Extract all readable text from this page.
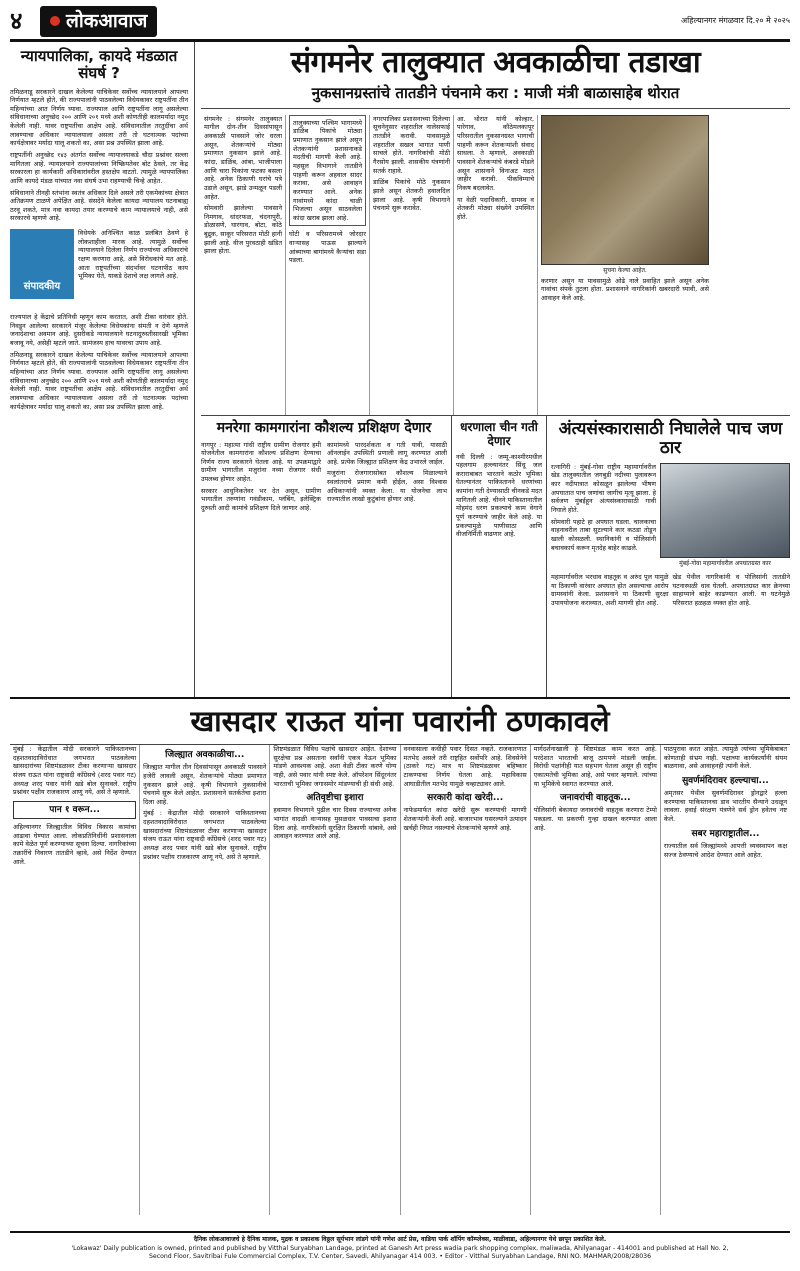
४	लोकआवाज	अहिल्यानगर मंगळवार दि.२० मे २०२५
न्यायपालिका, कायदे मंडळात संघर्ष ?

तमिळनाडू सरकारने दाखल केलेल्या याचिकेवर सर्वोच्च न्यायालयाने आपल्या निर्णयात म्हटले होते, की राज्यपालांनी पाठवलेल्या विधेयकावर राष्ट्रपतींना तीन महिन्यांच्या आत निर्णय घ्यावा. राज्यपाल आणि राष्ट्रपतींना लागू असलेल्या संविधानाच्या अनुच्छेद २०० आणि २०१ मध्ये अशी कोणतीही कालमर्यादा नमूद केलेली नाही. यावर राष्ट्रपतींचा आक्षेप आहे. संविधानातील तरतुदींचा अर्थ लावण्याचा अधिकार न्यायालयाला असला तरी तो घटनात्मक पदांच्या कार्यक्षेत्रावर मर्यादा घालू शकतो का, असा प्रश्न उपस्थित झाला आहे.

राष्ट्रपतींनी अनुच्छेद १४३ अंतर्गत सर्वोच्च न्यायालयाकडे चौदा प्रश्नांवर सल्ला मागितला आहे. न्यायालयाने राज्यपालांच्या निष्क्रियतेवर बोट ठेवले, तर केंद्र सरकारला हा कार्यकारी अधिकारांवरील हस्तक्षेप वाटतो. त्यामुळे न्यायपालिका आणि कायदे मंडळ यांच्यात नवा संघर्ष उभा राहण्याची चिन्हे आहेत.

संविधानाने तीनही स्तंभांना स्वतंत्र अधिकार दिले असले तरी एकमेकांच्या क्षेत्रात अतिक्रमण टाळणे अपेक्षित आहे. संसदेने केलेला कायदा न्यायालय घटनाबाह्य ठरवू शकते, मात्र नवा कायदा तयार करण्याचे काम न्यायालयाचे नाही, असे सरकारचे म्हणणे आहे.

संपादकीय

विधेयके अनिश्चित काळ प्रलंबित ठेवणे हे लोकशाहीला मारक आहे. त्यामुळे सर्वोच्च न्यायालयाने दिलेला निर्णय राज्यांच्या अधिकारांचे रक्षण करणारा आहे, असे विरोधकांचे मत आहे. आता राष्ट्रपतींच्या संदर्भावर घटनापीठ काय भूमिका घेते, याकडे देशाचे लक्ष लागले आहे.

राज्यपाल हे केंद्राचे प्रतिनिधी म्हणून काम करतात, अशी टीका वारंवार होते. निवडून आलेल्या सरकारने मंजूर केलेल्या विधेयकांना संमती न देणे म्हणजे जनादेशाचा अवमान आहे. दुसरीकडे न्यायालयाने घटनादुरुस्तीसारखी भूमिका बजावू नये, असेही म्हटले जाते. सामंजस्य हाच यावरचा उपाय आहे.

तमिळनाडू सरकारने दाखल केलेल्या याचिकेवर सर्वोच्च न्यायालयाने आपल्या निर्णयात म्हटले होते, की राज्यपालांनी पाठवलेल्या विधेयकावर राष्ट्रपतींना तीन महिन्यांच्या आत निर्णय घ्यावा. राज्यपाल आणि राष्ट्रपतींना लागू असलेल्या संविधानाच्या अनुच्छेद २०० आणि २०१ मध्ये अशी कोणतीही कालमर्यादा नमूद केलेली नाही. यावर राष्ट्रपतींचा आक्षेप आहे. संविधानातील तरतुदींचा अर्थ लावण्याचा अधिकार न्यायालयाला असला तरी तो घटनात्मक पदांच्या कार्यक्षेत्रावर मर्यादा घालू शकतो का, असा प्रश्न उपस्थित झाला आहे.

संगमनेर तालुक्यात अवकाळीचा तडाखा
नुकसानग्रस्तांचे तातडीने पंचनामे करा : माजी मंत्री बाळासाहेब थोरात

संगमनेर : संगमनेर तालुक्यात मागील दोन-तीन दिवसांपासून अवकाळी पावसाने जोर धरला असून, शेतकऱ्यांचे मोठ्या प्रमाणात नुकसान झाले आहे. कांदा, डाळिंब, आंबा, भाजीपाला आणि चारा पिकांना फटका बसला आहे. अनेक ठिकाणी घरांचे पत्रे उडाले असून, झाडे उन्मळून पडली आहेत.

सोमवारी झालेल्या पावसाने निमगाव, धांदरफळ, चंदनापुरी, डोळासणे, घारगाव, बोटा, कोठे बुद्रुक, साकूर परिसरात मोठी हानी झाली आहे. वीज पुरवठाही खंडित झाला होता.

तालुक्याच्या पश्चिम भागामध्ये डाळिंब पिकांचे मोठ्या प्रमाणात नुकसान झाले असून शेतकऱ्यांनी प्रशासनाकडे मदतीची मागणी केली आहे. महसूल विभागाने तातडीने पाहणी करून अहवाल सादर करावा, असे आवाहन करण्यात आले. अनेक गावांमध्ये कांदा चाळी भिजल्या असून साठवलेला कांदा खराब झाला आहे.

घोटी व परिसरामध्ये जोरदार वाऱ्यासह पाऊस झाल्याने आंब्याच्या बागांमध्ये कैऱ्यांचा सडा पडला.

नगरपालिका प्रशासनाच्या दिलेल्या सूचनेनुसार शहरातील नालेसफाई तातडीने करावी. पावसामुळे शहरातील सखल भागात पाणी साचले होते. नागरिकांची मोठी गैरसोय झाली. शासकीय यंत्रणांनी सतर्क राहावे.

डाळिंब पिकांचे मोठे नुकसान झाले असून शेतकरी हवालदिल झाला आहे. कृषी विभागाने पंचनामे सुरू करावेत.

आ. थोरात यांनी कोल्हार, पारेगाव, कौठेमलकापूर परिसरातील नुकसानग्रस्त भागाची पाहणी करून शेतकऱ्यांशी संवाद साधला. ते म्हणाले, अवकाळी पावसाने शेतकऱ्यांचे कंबरडे मोडले असून शासनाने विनाअट मदत जाहीर करावी. पीकविम्याचे निकष बदलावेत.

या वेळी पदाधिकारी, ग्रामस्थ व शेतकरी मोठ्या संख्येने उपस्थित होते.

सुचना केल्या आहेत.

करणार असून या पावसामुळे ओढे नाले प्रवाहित झाले असून अनेक गावांचा संपर्क तुटला होता. प्रशासनाने नागरिकांनी खबरदारी घ्यावी, असे आवाहन केले आहे.

मनरेगा कामगारांना कौशल्य प्रशिक्षण देणार

नागपूर : महात्मा गांधी राष्ट्रीय ग्रामीण रोजगार हमी योजनेतील कामगारांना कौशल्य प्रशिक्षण देण्याचा निर्णय राज्य सरकारने घेतला आहे. या उपक्रमाद्वारे ग्रामीण भागातील मजुरांना नव्या रोजगार संधी उपलब्ध होणार आहेत.

सरकार आधुनिकतेवर भर देत असून, ग्रामीण भागातील तरुणांना गवंडीकाम, प्लंबिंग, इलेक्ट्रिक दुरुस्ती आदी कामांचे प्रशिक्षण दिले जाणार आहे.

कामांमध्ये पारदर्शकता व गती यावी, यासाठी ऑनलाईन उपस्थिती प्रणाली लागू करण्यात आली आहे. प्रत्येक जिल्ह्यात प्रशिक्षण केंद्र उभारले जाईल.

मजुरांना रोजगारासोबत कौशल्य मिळाल्याने स्थलांतराचे प्रमाण कमी होईल, असा विश्वास अधिकाऱ्यांनी व्यक्त केला. या योजनेचा लाभ राज्यातील लाखो कुटुंबांना होणार आहे.

धरणाला चीन गती देणार

नवी दिल्ली : जम्मू-काश्मीरमधील पहलगाम हल्ल्यानंतर सिंधू जल कराराबाबत भारताने कठोर भूमिका घेतल्यानंतर पाकिस्तानने धरणांच्या कामांना गती देण्यासाठी चीनकडे मदत मागितली आहे. चीनने पाकिस्तानातील मोहमंद धरण प्रकल्पाचे काम वेगाने पूर्ण करण्याचे जाहीर केले आहे. या प्रकल्पामुळे पाणीसाठा आणि वीजनिर्मिती वाढणार आहे.

अंत्यसंस्कारासाठी निघालेले पाच जण ठार

रत्नागिरी : मुंबई-गोवा राष्ट्रीय महामार्गावरील खेड तालुक्यातील जगबुडी नदीच्या पुलावरून कार नदीपात्रात कोसळून झालेल्या भीषण अपघातात पाच जणांचा जागीच मृत्यू झाला. हे सर्वजण मुंबईहून अंत्यसंस्कारासाठी गावी निघाले होते.

सोमवारी पहाटे हा अपघात घडला. चालकाचा वाहनावरील ताबा सुटल्याने कार कठडा तोडून खाली कोसळली. स्थानिकांनी व पोलिसांनी बचावकार्य करून मृतदेह बाहेर काढले.

मुंबई-गोवा महामार्गावरील अपघातग्रस्त कार

महामार्गावरील भरधाव वाहतूक व अरुंद पूल यामुळे या ठिकाणी वारंवार अपघात होत असल्याचा आरोप ग्रामस्थांनी केला. प्रशासनाने या ठिकाणी सुरक्षा उपाययोजना कराव्यात, अशी मागणी होत आहे.

खेड येथील नागरिकांनी व पोलिसांनी तातडीने घटनास्थळी धाव घेतली. अपघातग्रस्त कार क्रेनच्या साहाय्याने बाहेर काढण्यात आली. या घटनेमुळे परिसरात हळहळ व्यक्त होत आहे.

खासदार राऊत यांना पवारांनी ठणकावले

मुंबई : केंद्रातील मोदी सरकारने पाकिस्तानच्या दहशतवादाविरोधात जगभरात पाठवलेल्या खासदारांच्या शिष्टमंडळावर टीका करणाऱ्या खासदार संजय राऊत यांना राष्ट्रवादी काँग्रेसचे (शरद पवार गट) अध्यक्ष शरद पवार यांनी खडे बोल सुनावले. राष्ट्रीय प्रश्नांवर पक्षीय राजकारण आणू नये, असे ते म्हणाले.

पान १ वरून...

अहिल्यानगर जिल्ह्यातील विविध विकास कामांचा आढावा घेण्यात आला. लोकप्रतिनिधींनी प्रशासनाला कामे वेळेत पूर्ण करण्याच्या सूचना दिल्या. नागरिकांच्या तक्रारींचे निवारण तातडीने व्हावे, असे निर्देश देण्यात आले.

जिल्ह्यात अवकाळीचा...

जिल्ह्यात मागील तीन दिवसांपासून अवकाळी पावसाने हजेरी लावली असून, शेतकऱ्यांचे मोठ्या प्रमाणात नुकसान झाले आहे. कृषी विभागाने नुकसानीचे पंचनामे सुरू केले आहेत. प्रशासनाने सतर्कतेचा इशारा दिला आहे.

मुंबई : केंद्रातील मोदी सरकारने पाकिस्तानच्या दहशतवादाविरोधात जगभरात पाठवलेल्या खासदारांच्या शिष्टमंडळावर टीका करणाऱ्या खासदार संजय राऊत यांना राष्ट्रवादी काँग्रेसचे (शरद पवार गट) अध्यक्ष शरद पवार यांनी खडे बोल सुनावले. राष्ट्रीय प्रश्नांवर पक्षीय राजकारण आणू नये, असे ते म्हणाले.

शिष्टमंडळात विविध पक्षांचे खासदार आहेत. देशाच्या सुरक्षेचा प्रश्न असताना सर्वांनी एकत्र येऊन भूमिका मांडणे आवश्यक आहे. अशा वेळी टीका करणे योग्य नाही, असे पवार यांनी स्पष्ट केले. ऑपरेशन सिंदूरनंतर भारताची भूमिका जगासमोर मांडण्याची ही संधी आहे.

अतिवृष्टीचा इशारा

हवामान विभागाने पुढील चार दिवस राज्याच्या अनेक भागांत वादळी वाऱ्यासह मुसळधार पावसाचा इशारा दिला आहे. नागरिकांनी सुरक्षित ठिकाणी थांबावे, असे आवाहन करण्यात आले आहे.

वनवासाला कधीही पवार दिसत नव्हते. राजकारणात मतभेद असले तरी राष्ट्रहित सर्वोपरि आहे. शिवसेनेने (ठाकरे गट) मात्र या शिष्टमंडळावर बहिष्कार टाकण्याचा निर्णय घेतला आहे. महाविकास आघाडीतील मतभेद यामुळे चव्हाट्यावर आले.

सरकारी कांदा खरेदी...

नाफेडमार्फत कांदा खरेदी सुरू करण्याची मागणी शेतकऱ्यांनी केली आहे. बाजारभाव घसरल्याने उत्पादन खर्चही निघत नसल्याचे शेतकऱ्यांचे म्हणणे आहे.

मार्गदर्शनाखाली हे शिष्टमंडळ काम करत आहे. परदेशात भारताची बाजू ठामपणे मांडली जाईल. विरोधी पक्षांनीही यात सहभाग घेतला असून ही राष्ट्रीय एकात्मतेची भूमिका आहे, असे पवार म्हणाले. त्यांच्या या भूमिकेचे स्वागत करण्यात आले.

जनावरांची वाहतूक...

पोलिसांनी बेकायदा जनावरांची वाहतूक करणारा टेम्पो पकडला. या प्रकरणी गुन्हा दाखल करण्यात आला आहे.

पाठपुरावा करत आहेत. त्यामुळे त्यांच्या भूमिकेबाबत कोणताही संभ्रम नाही. पक्षाच्या कार्यकर्त्यांनी संयम बाळगावा, असे आवाहनही त्यांनी केले.

सुवर्णमंदिरावर हल्ल्याचा...

अमृतसर येथील सुवर्णमंदिरावर ड्रोनद्वारे हल्ला करण्याचा पाकिस्तानचा डाव भारतीय सैन्याने उधळून लावला. हवाई संरक्षण यंत्रणेने सर्व ड्रोन हवेतच नष्ट केले.

सबर महाराष्ट्रातील...

राज्यातील सर्व जिल्ह्यांमध्ये आपत्ती व्यवस्थापन कक्ष सज्ज ठेवण्याचे आदेश देण्यात आले आहेत.

दैनिक लोकआवाजचे हे दैनिक मालक, मुद्रक व प्रकाशक विठ्ठल सूर्यभान लांडगे यांनी गणेश आर्ट प्रेस, वाडिया पार्क शॉपिंग कॉम्प्लेक्स, माळीवाडा, अहिल्यानगर येथे छापून प्रकाशित केले.
'Lokawaz' Daily publication is owned, printed and published by Vitthal Suryabhan Landage, printed at Ganesh Art press wadia park shopping complex, maliwada, Ahilyanagar - 414001 and published at Hall No. 2,
Second Floor, Savitribai Fule Commercial Complex, T.V. Center, Savedi, Ahilyanagar 414 003. • Editor - Vitthal Suryabhan Landage, RNI NO. MAHMAR/2008/28036
